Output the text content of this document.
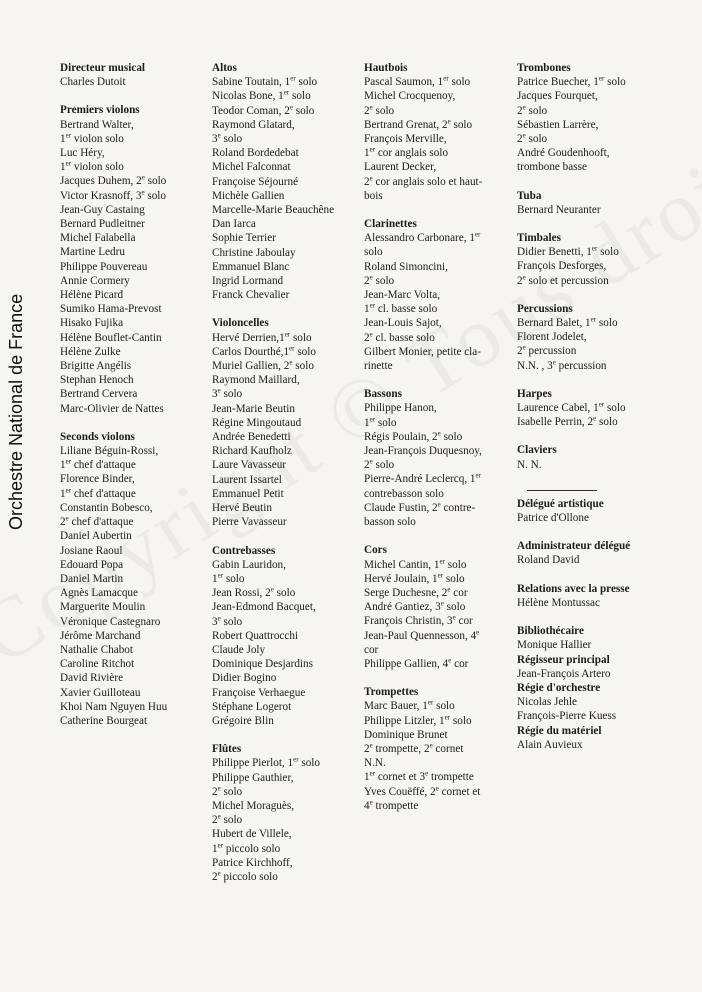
Orchestre National de France
Directeur musical
Charles Dutoit
Premiers violons
Bertrand Walter,
1er violon solo
Luc Héry,
1er violon solo
Jacques Duhem, 2e solo
Victor Krasnoff, 3e solo
Jean-Guy Castaing
Bernard Pudleitner
Michel Falabella
Martine Ledru
Philippe Pouvereau
Annie Cormery
Hélène Picard
Sumiko Hama-Prevost
Hisako Fujika
Hélène Bouflet-Cantin
Hélène Zulke
Brigitte Angélis
Stephan Henoch
Bertrand Cervera
Marc-Olivier de Nattes
Seconds violons
Liliane Béguin-Rossi,
1er chef d'attaque
Florence Binder,
1er chef d'attaque
Constantin Bobesco,
2e chef d'attaque
Daniel Aubertin
Josiane Raoul
Edouard Popa
Daniel Martin
Agnès Lamacque
Marguerite Moulin
Véronique Castegnaro
Jérôme Marchand
Nathalie Chabot
Caroline Ritchot
David Rivière
Xavier Guilloteau
Khoi Nam Nguyen Huu
Catherine Bourgeat
Altos
Sabine Toutain, 1er solo
Nicolas Bone, 1er solo
Teodor Coman, 2e solo
Raymond Glatard,
3e solo
Roland Bordedebat
Michel Falconnat
Françoise Séjourné
Michèle Gallien
Marcelle-Marie Beauchêne
Dan Iarca
Sophie Terrier
Christine Jaboulay
Emmanuel Blanc
Ingrid Lormand
Franck Chevalier
Violoncelles
Hervé Derrien,1er solo
Carlos Dourthé,1er solo
Muriel Gallien, 2e solo
Raymond Maillard,
3e solo
Jean-Marie Beutin
Régine Mingoutaud
Andrée Benedetti
Richard Kaufholz
Laure Vavasseur
Laurent Issartel
Emmanuel Petit
Hervé Beutin
Pierre Vavasseur
Contrebasses
Gabin Lauridon,
1er solo
Jean Rossi, 2e solo
Jean-Edmond Bacquet,
3e solo
Robert Quattrocchi
Claude Joly
Dominique Desjardins
Didier Bogino
Françoise Verhaegue
Stéphane Logerot
Grégoire Blin
Flûtes
Philippe Pierlot, 1er solo
Philippe Gauthier,
2e solo
Michel Moraguès,
2e solo
Hubert de Villele,
1er piccolo solo
Patrice Kirchhoff,
2e piccolo solo
Hautbois
Pascal Saumon, 1er solo
Michel Crocquenoy,
2e solo
Bertrand Grenat, 2e solo
François Merville,
1er cor anglais solo
Laurent Decker,
2e cor anglais solo et haut-
bois
Clarinettes
Alessandro Carbonare, 1er
solo
Roland Simoncini,
2e solo
Jean-Marc Volta,
1er cl. basse solo
Jean-Louis Sajot,
2e cl. basse solo
Gilbert Monier, petite cla-
rinette
Bassons
Philippe Hanon,
1er solo
Régis Poulain, 2e solo
Jean-François Duquesnoy,
2e solo
Pierre-André Leclercq, 1er
contrebasson solo
Claude Fustin, 2e contre-
basson solo
Cors
Michel Cantin, 1er solo
Hervé Joulain, 1er solo
Serge Duchesne, 2e cor
André Gantiez, 3e solo
François Christin, 3e cor
Jean-Paul Quennesson, 4e
cor
Philippe Gallien, 4e cor
Trompettes
Marc Bauer, 1er solo
Philippe Litzler, 1er solo
Dominique Brunet
2e trompette, 2e cornet
N.N.
1er cornet et 3e trompette
Yves Couëffé, 2e cornet et
4e trompette
Trombones
Patrice Buecher, 1er solo
Jacques Fourquet,
2e solo
Sébastien Larrère,
2e solo
André Goudenhooft,
trombone basse
Tuba
Bernard Neuranter
Timbales
Didier Benetti, 1er solo
François Desforges,
2e solo et percussion
Percussions
Bernard Balet, 1er solo
Florent Jodelet,
2e percussion
N.N. , 3e percussion
Harpes
Laurence Cabel, 1er solo
Isabelle Perrin, 2e solo
Claviers
N. N.
Délégué artistique
Patrice d'Ollone
Administrateur délégué
Roland David
Relations avec la presse
Hélène Montussac
Bibliothécaire
Monique Hallier
Régisseur principal
Jean-François Artero
Régie d'orchestre
Nicolas Jehle
François-Pierre Kuess
Régie du matériel
Alain Auvieux
